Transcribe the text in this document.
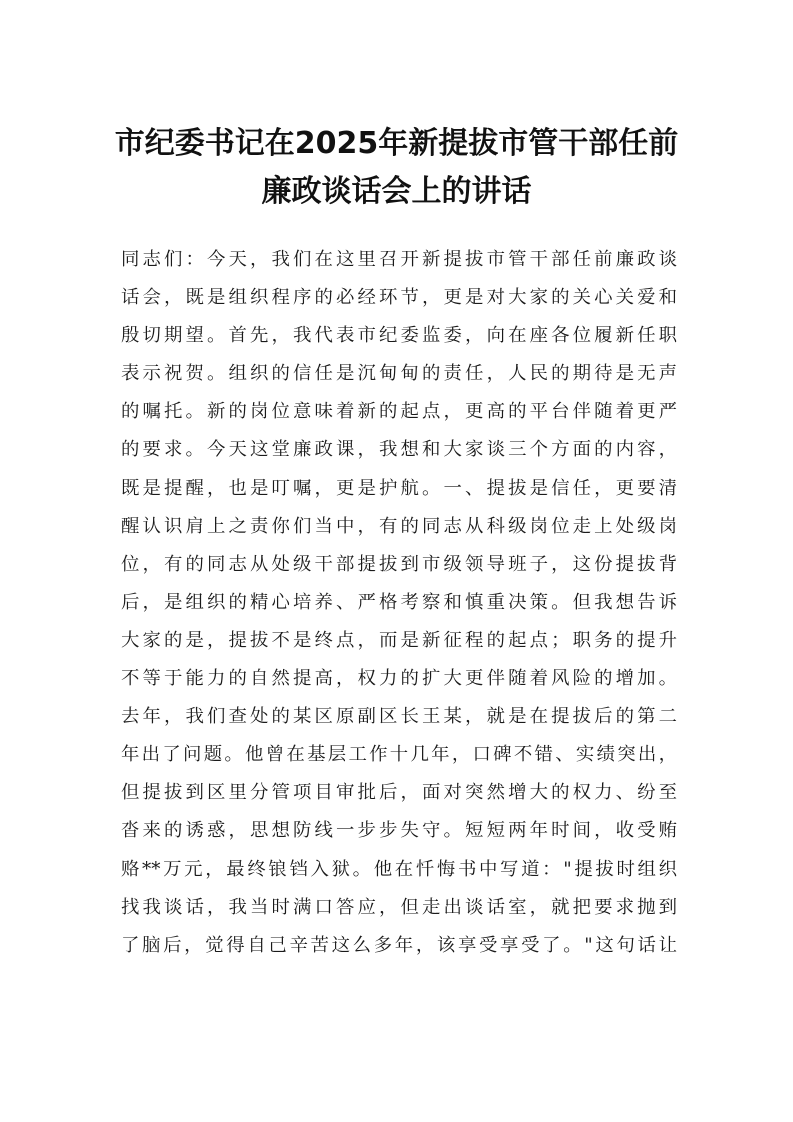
市纪委书记在2025年新提拔市管干部任前
廉政谈话会上的讲话
同志们：今天，我们在这里召开新提拔市管干部任前廉政谈
话会，既是组织程序的必经环节，更是对大家的关心关爱和
殷切期望。首先，我代表市纪委监委，向在座各位履新任职
表示祝贺。组织的信任是沉甸甸的责任，人民的期待是无声
的嘱托。新的岗位意味着新的起点，更高的平台伴随着更严
的要求。今天这堂廉政课，我想和大家谈三个方面的内容，
既是提醒，也是叮嘱，更是护航。一、提拔是信任，更要清
醒认识肩上之责你们当中，有的同志从科级岗位走上处级岗
位，有的同志从处级干部提拔到市级领导班子，这份提拔背
后，是组织的精心培养、严格考察和慎重决策。但我想告诉
大家的是，提拔不是终点，而是新征程的起点；职务的提升
不等于能力的自然提高，权力的扩大更伴随着风险的增加。
去年，我们查处的某区原副区长王某，就是在提拔后的第二
年出了问题。他曾在基层工作十几年，口碑不错、实绩突出，
但提拔到区里分管项目审批后，面对突然增大的权力、纷至
沓来的诱惑，思想防线一步步失守。短短两年时间，收受贿
赂**万元，最终锒铛入狱。他在忏悔书中写道："提拔时组织
找我谈话，我当时满口答应，但走出谈话室，就把要求抛到
了脑后，觉得自己辛苦这么多年，该享受享受了。"这句话让
